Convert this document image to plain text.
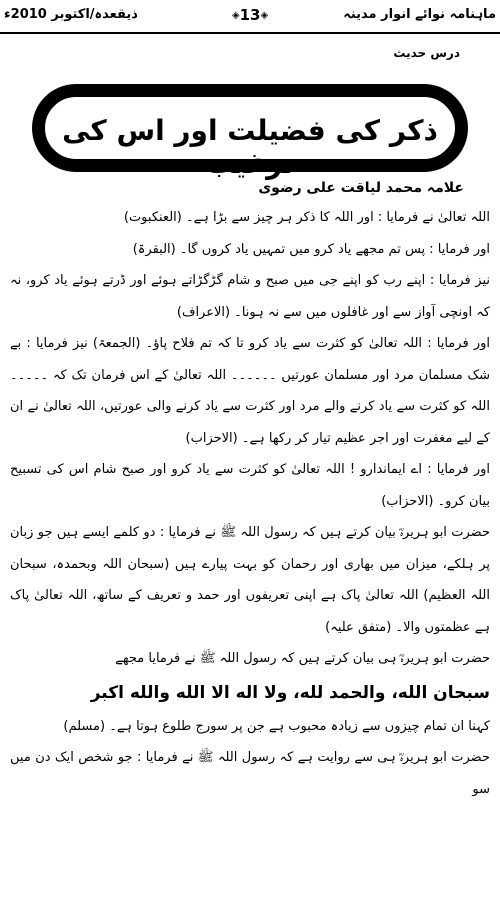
ماہنامہ نوائے انوار مدینہ
◈ 13 ◈
ذیقعدہ/اکتوبر 2010ء
درس حدیث
ذکر کی فضیلت اور اس کی ترغیب
علامہ محمد لیاقت علی رضوی

اللہ تعالیٰ نے فرمایا : اور اللہ کا ذکر ہر چیز سے بڑا ہے۔ (العنکبوت)

اور فرمایا : پس تم مجھے یاد کرو میں تمہیں یاد کروں گا۔ (البقرۃ)

نیز فرمایا : اپنے رب کو اپنے جی میں صبح و شام گڑگڑاتے ہوئے اور ڈرتے ہوئے یاد کرو، نہ کہ اونچی آواز سے اور غافلوں میں سے نہ ہونا۔ (الاعراف)

اور فرمایا : اللہ تعالیٰ کو کثرت سے یاد کرو تا کہ تم فلاح پاؤ۔ (الجمعۃ) نیز فرمایا : بے شک مسلمان مرد اور مسلمان عورتیں ۔۔۔۔۔۔ اللہ تعالیٰ کے اس فرمان تک کہ ۔۔۔۔۔ اللہ کو کثرت سے یاد کرنے والے مرد اور کثرت سے یاد کرنے والی عورتیں، اللہ تعالیٰ نے ان کے لیے مغفرت اور اجر عظیم تیار کر رکھا ہے۔ (الاحزاب)

اور فرمایا : اے ایماندارو ! اللہ تعالیٰ کو کثرت سے یاد کرو اور صبح شام اس کی تسبیح بیان کرو۔ (الاحزاب)

حضرت ابو ہریرہؓ بیان کرتے ہیں کہ رسول اللہ ﷺ نے فرمایا : دو کلمے ایسے ہیں جو زبان پر ہلکے، میزان میں بھاری اور رحمان کو بہت پیارے ہیں (سبحان اللہ وبحمدہ، سبحان اللہ العظیم) اللہ تعالیٰ پاک ہے اپنی تعریفوں اور حمد و تعریف کے ساتھ، اللہ تعالیٰ پاک ہے عظمتوں والا۔ (متفق علیہ)

حضرت ابو ہریرہؓ ہی بیان کرتے ہیں کہ رسول اللہ ﷺ نے فرمایا مجھے

سبحان الله، والحمد لله، ولا اله الا الله والله اکبر

کہنا ان تمام چیزوں سے زیادہ محبوب ہے جن پر سورج طلوع ہوتا ہے۔ (مسلم)

حضرت ابو ہریرہؓ ہی سے روایت ہے کہ رسول اللہ ﷺ نے فرمایا : جو شخص ایک دن میں سو
